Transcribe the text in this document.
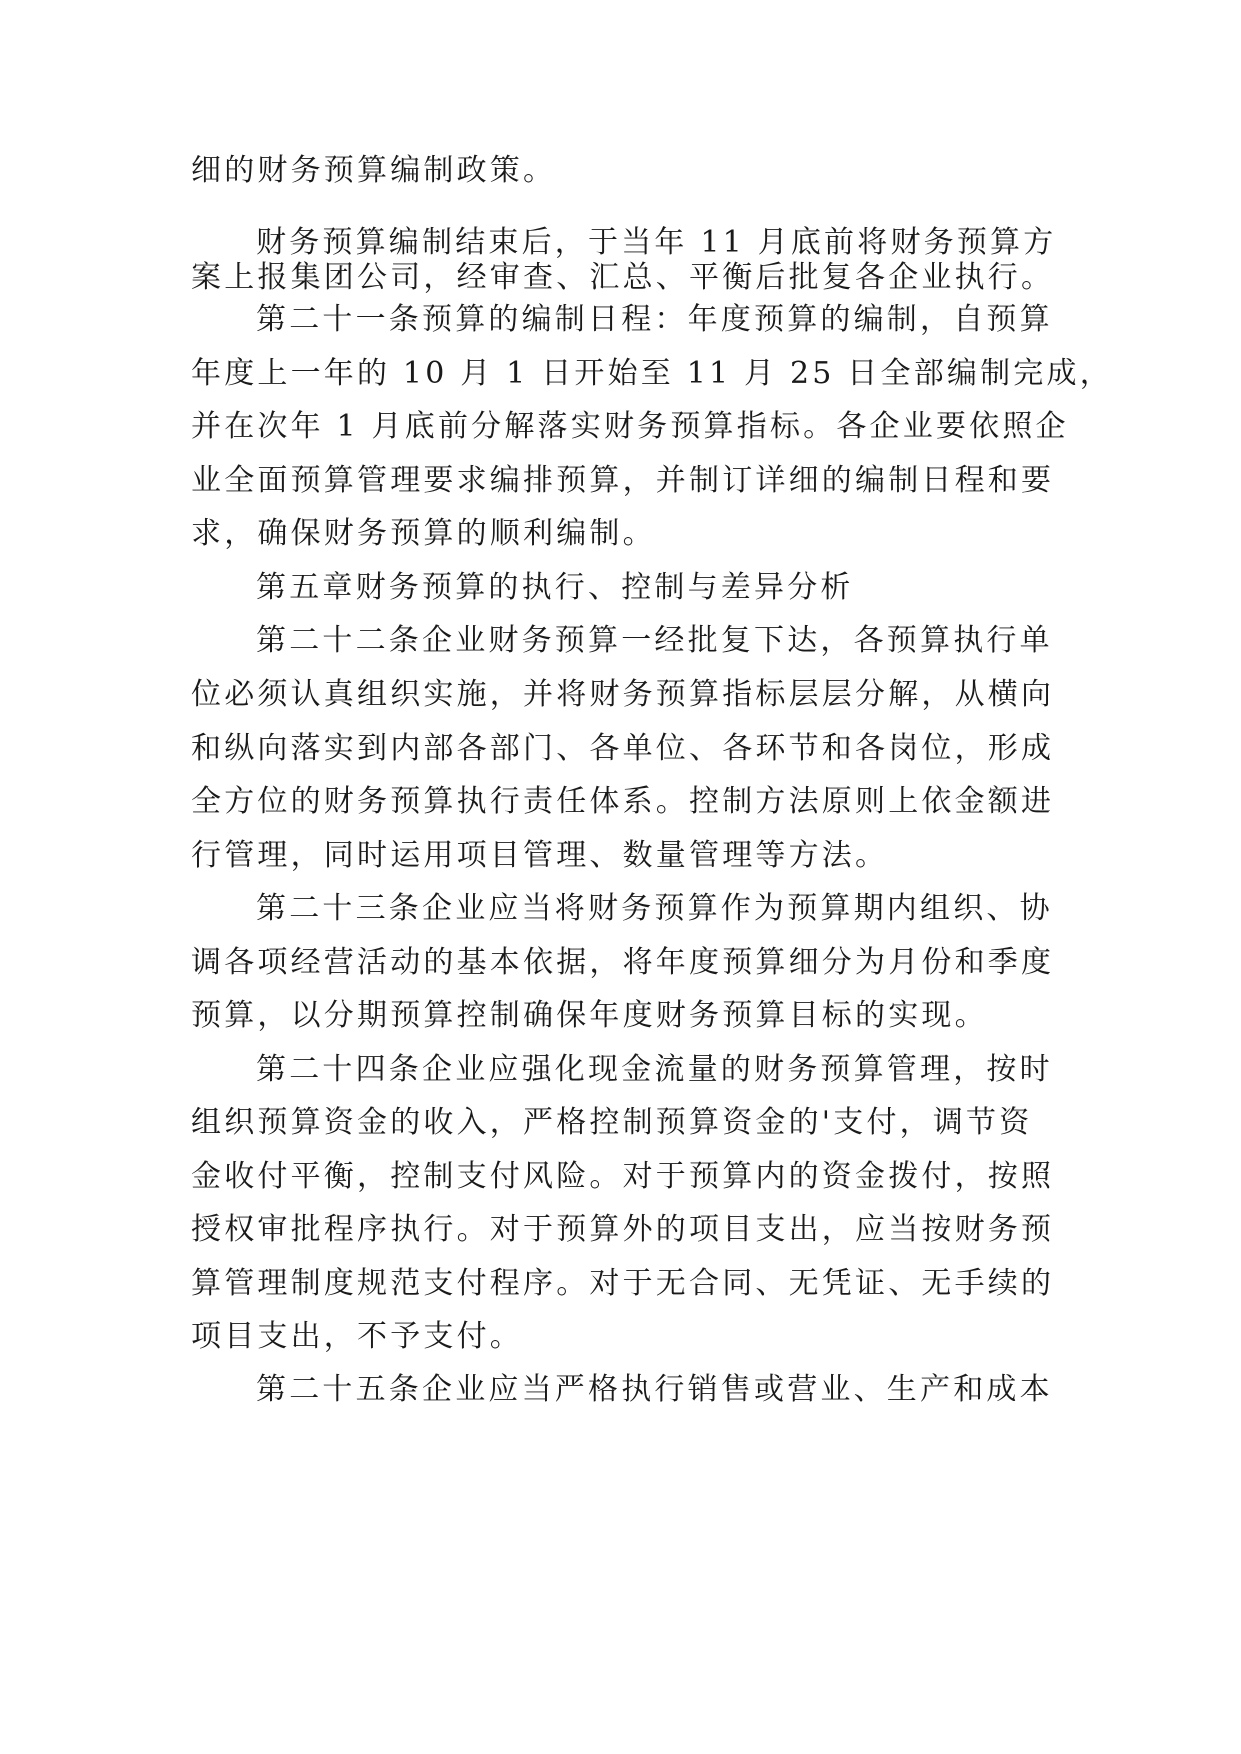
细的财务预算编制政策。
财务预算编制结束后，于当年 11 月底前将财务预算方
案上报集团公司，经审查、汇总、平衡后批复各企业执行。
第二十一条预算的编制日程：年度预算的编制，自预算
年度上一年的 10 月 1 日开始至 11 月 25 日全部编制完成，
并在次年 1 月底前分解落实财务预算指标。各企业要依照企
业全面预算管理要求编排预算，并制订详细的编制日程和要
求，确保财务预算的顺利编制。
第五章财务预算的执行、控制与差异分析
第二十二条企业财务预算一经批复下达，各预算执行单
位必须认真组织实施，并将财务预算指标层层分解，从横向
和纵向落实到内部各部门、各单位、各环节和各岗位，形成
全方位的财务预算执行责任体系。控制方法原则上依金额进
行管理，同时运用项目管理、数量管理等方法。
第二十三条企业应当将财务预算作为预算期内组织、协
调各项经营活动的基本依据，将年度预算细分为月份和季度
预算，以分期预算控制确保年度财务预算目标的实现。
第二十四条企业应强化现金流量的财务预算管理，按时
组织预算资金的收入，严格控制预算资金的'支付，调节资
金收付平衡，控制支付风险。对于预算内的资金拨付，按照
授权审批程序执行。对于预算外的项目支出，应当按财务预
算管理制度规范支付程序。对于无合同、无凭证、无手续的
项目支出，不予支付。
第二十五条企业应当严格执行销售或营业、生产和成本
